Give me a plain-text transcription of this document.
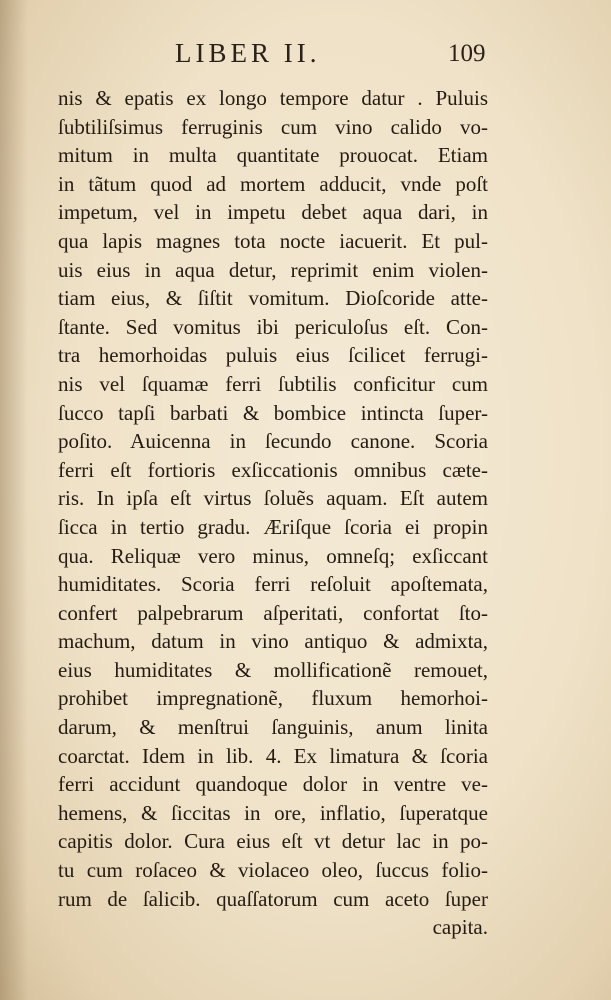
LIBER II.	109
nis & epatis ex longo tempore datur . Puluis
ſubtiliſsimus ferruginis cum vino calido vo-
mitum in multa quantitate prouocat. Etiam
in tãtum quod ad mortem adducit, vnde poſt
impetum, vel in impetu debet aqua dari, in
qua lapis magnes tota nocte iacuerit. Et pul-
uis eius in aqua detur, reprimit enim violen-
tiam eius, & ſiſtit vomitum. Dioſcoride atte-
ſtante. Sed vomitus ibi periculoſus eſt. Con-
tra hemorhoidas puluis eius ſcilicet ferrugi-
nis vel ſquamæ ferri ſubtilis conficitur cum
ſucco tapſi barbati & bombice intincta ſuper-
poſito. Auicenna in ſecundo canone. Scoria
ferri eſt fortioris exſiccationis omnibus cæte-
ris. In ipſa eſt virtus ſoluẽs aquam. Eſt autem
ſicca in tertio gradu. Æriſque ſcoria ei propin
qua. Reliquæ vero minus, omneſq; exſiccant
humiditates. Scoria ferri reſoluit apoſtemata,
confert palpebrarum aſperitati, confortat ſto-
machum, datum in vino antiquo & admixta,
eius humiditates & mollificationẽ remouet,
prohibet impregnationẽ, fluxum hemorhoi-
darum, & menſtrui ſanguinis, anum linita
coarctat. Idem in lib. 4. Ex limatura & ſcoria
ferri accidunt quandoque dolor in ventre ve-
hemens, & ſiccitas in ore, inflatio, ſuperatque
capitis dolor. Cura eius eſt vt detur lac in po-
tu cum roſaceo & violaceo oleo, ſuccus folio-
rum de ſalicib. quaſſatorum cum aceto ſuper
capita.
